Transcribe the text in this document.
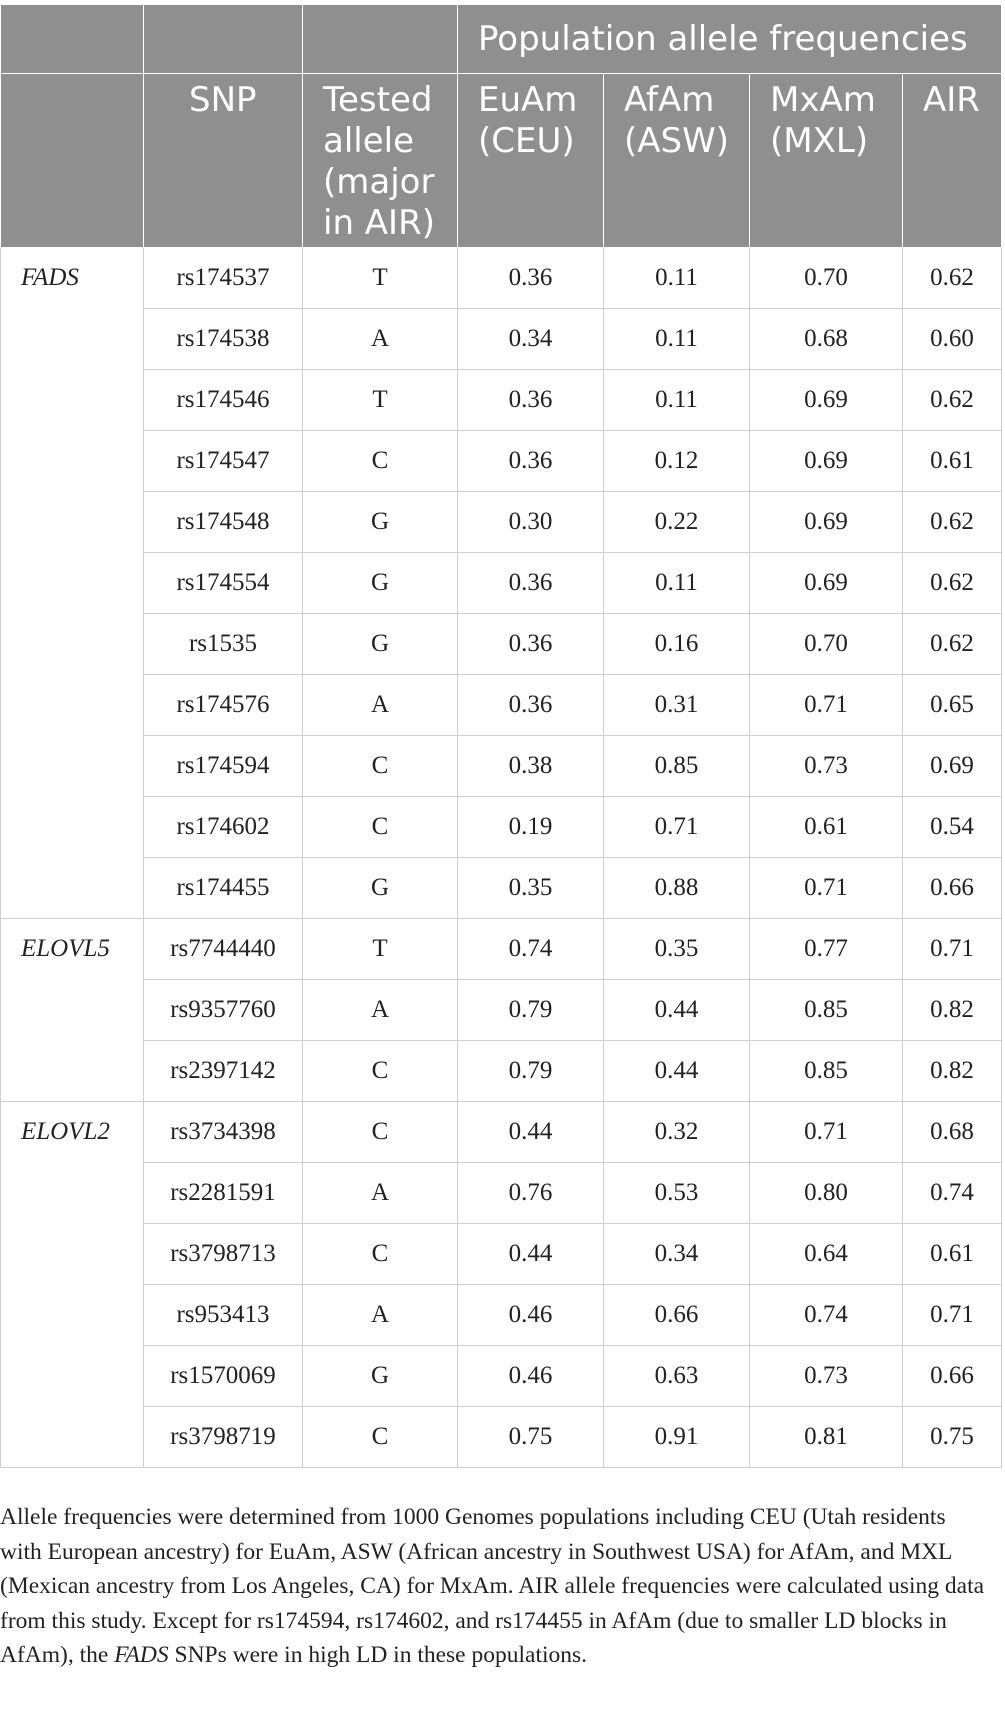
			Population allele frequencies			
	SNP	Tested allele (major in AIR)	EuAm (CEU)	AfAm (ASW)	MxAm (MXL)	AIR
FADS	rs174537	T	0.36	0.11	0.70	0.62
	rs174538	A	0.34	0.11	0.68	0.60
	rs174546	T	0.36	0.11	0.69	0.62
	rs174547	C	0.36	0.12	0.69	0.61
	rs174548	G	0.30	0.22	0.69	0.62
	rs174554	G	0.36	0.11	0.69	0.62
	rs1535	G	0.36	0.16	0.70	0.62
	rs174576	A	0.36	0.31	0.71	0.65
	rs174594	C	0.38	0.85	0.73	0.69
	rs174602	C	0.19	0.71	0.61	0.54
	rs174455	G	0.35	0.88	0.71	0.66
ELOVL5	rs7744440	T	0.74	0.35	0.77	0.71
	rs9357760	A	0.79	0.44	0.85	0.82
	rs2397142	C	0.79	0.44	0.85	0.82
ELOVL2	rs3734398	C	0.44	0.32	0.71	0.68
	rs2281591	A	0.76	0.53	0.80	0.74
	rs3798713	C	0.44	0.34	0.64	0.61
	rs953413	A	0.46	0.66	0.74	0.71
	rs1570069	G	0.46	0.63	0.73	0.66
	rs3798719	C	0.75	0.91	0.81	0.75
Allele frequencies were determined from 1000 Genomes populations including CEU (Utah residents with European ancestry) for EuAm, ASW (African ancestry in Southwest USA) for AfAm, and MXL (Mexican ancestry from Los Angeles, CA) for MxAm. AIR allele frequencies were calculated using data from this study. Except for rs174594, rs174602, and rs174455 in AfAm (due to smaller LD blocks in AfAm), the FADS SNPs were in high LD in these populations.
